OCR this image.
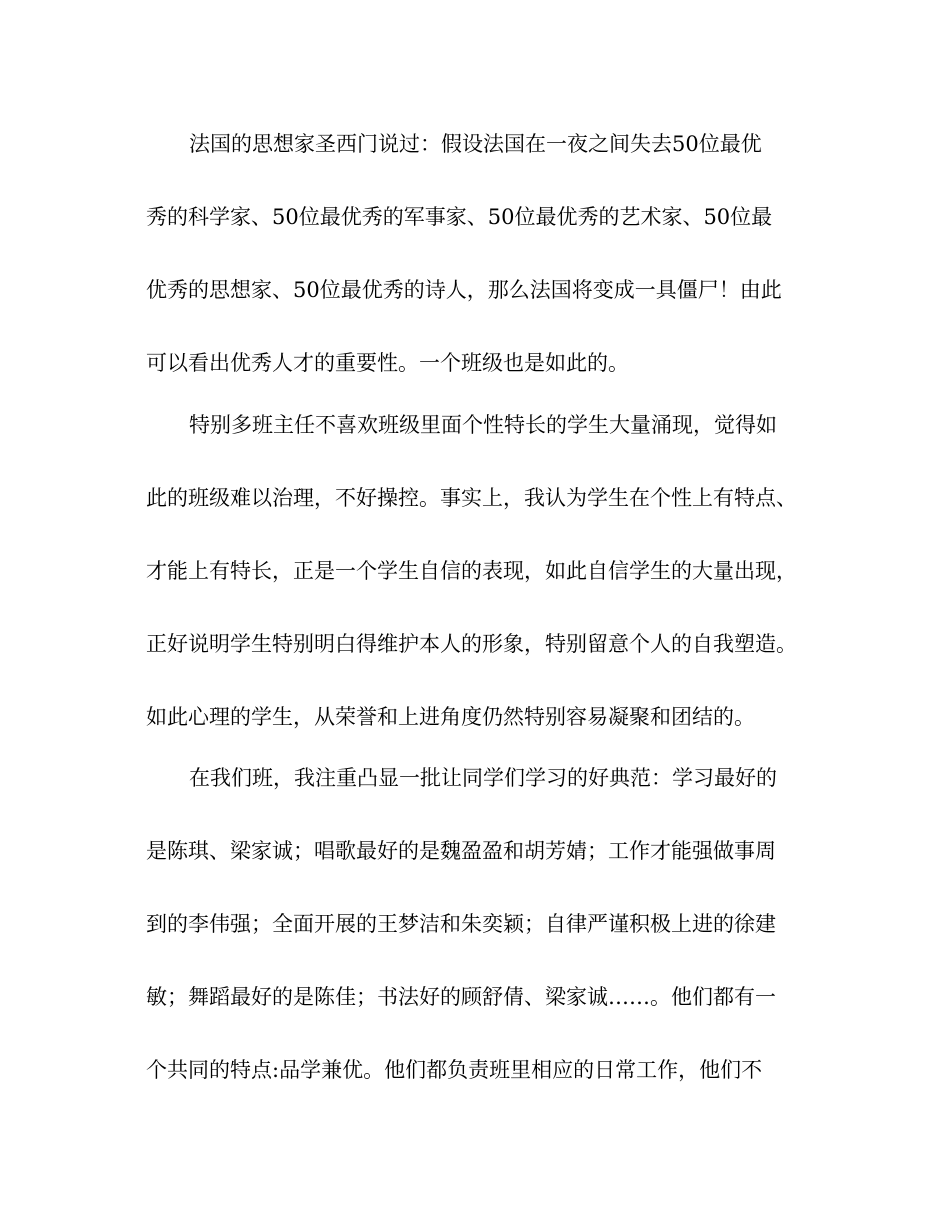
法国的思想家圣西门说过：假设法国在一夜之间失去50位最优

秀的科学家、50位最优秀的军事家、50位最优秀的艺术家、50位最

优秀的思想家、50位最优秀的诗人，那么法国将变成一具僵尸！由此

可以看出优秀人才的重要性。一个班级也是如此的。

特别多班主任不喜欢班级里面个性特长的学生大量涌现，觉得如

此的班级难以治理，不好操控。事实上，我认为学生在个性上有特点、

才能上有特长，正是一个学生自信的表现，如此自信学生的大量出现，

正好说明学生特别明白得维护本人的形象，特别留意个人的自我塑造。

如此心理的学生，从荣誉和上进角度仍然特别容易凝聚和团结的。

在我们班，我注重凸显一批让同学们学习的好典范：学习最好的

是陈琪、梁家诚；唱歌最好的是魏盈盈和胡芳婧；工作才能强做事周

到的李伟强；全面开展的王梦洁和朱奕颖；自律严谨积极上进的徐建

敏；舞蹈最好的是陈佳；书法好的顾舒倩、梁家诚……。他们都有一

个共同的特点:品学兼优。他们都负责班里相应的日常工作，他们不
